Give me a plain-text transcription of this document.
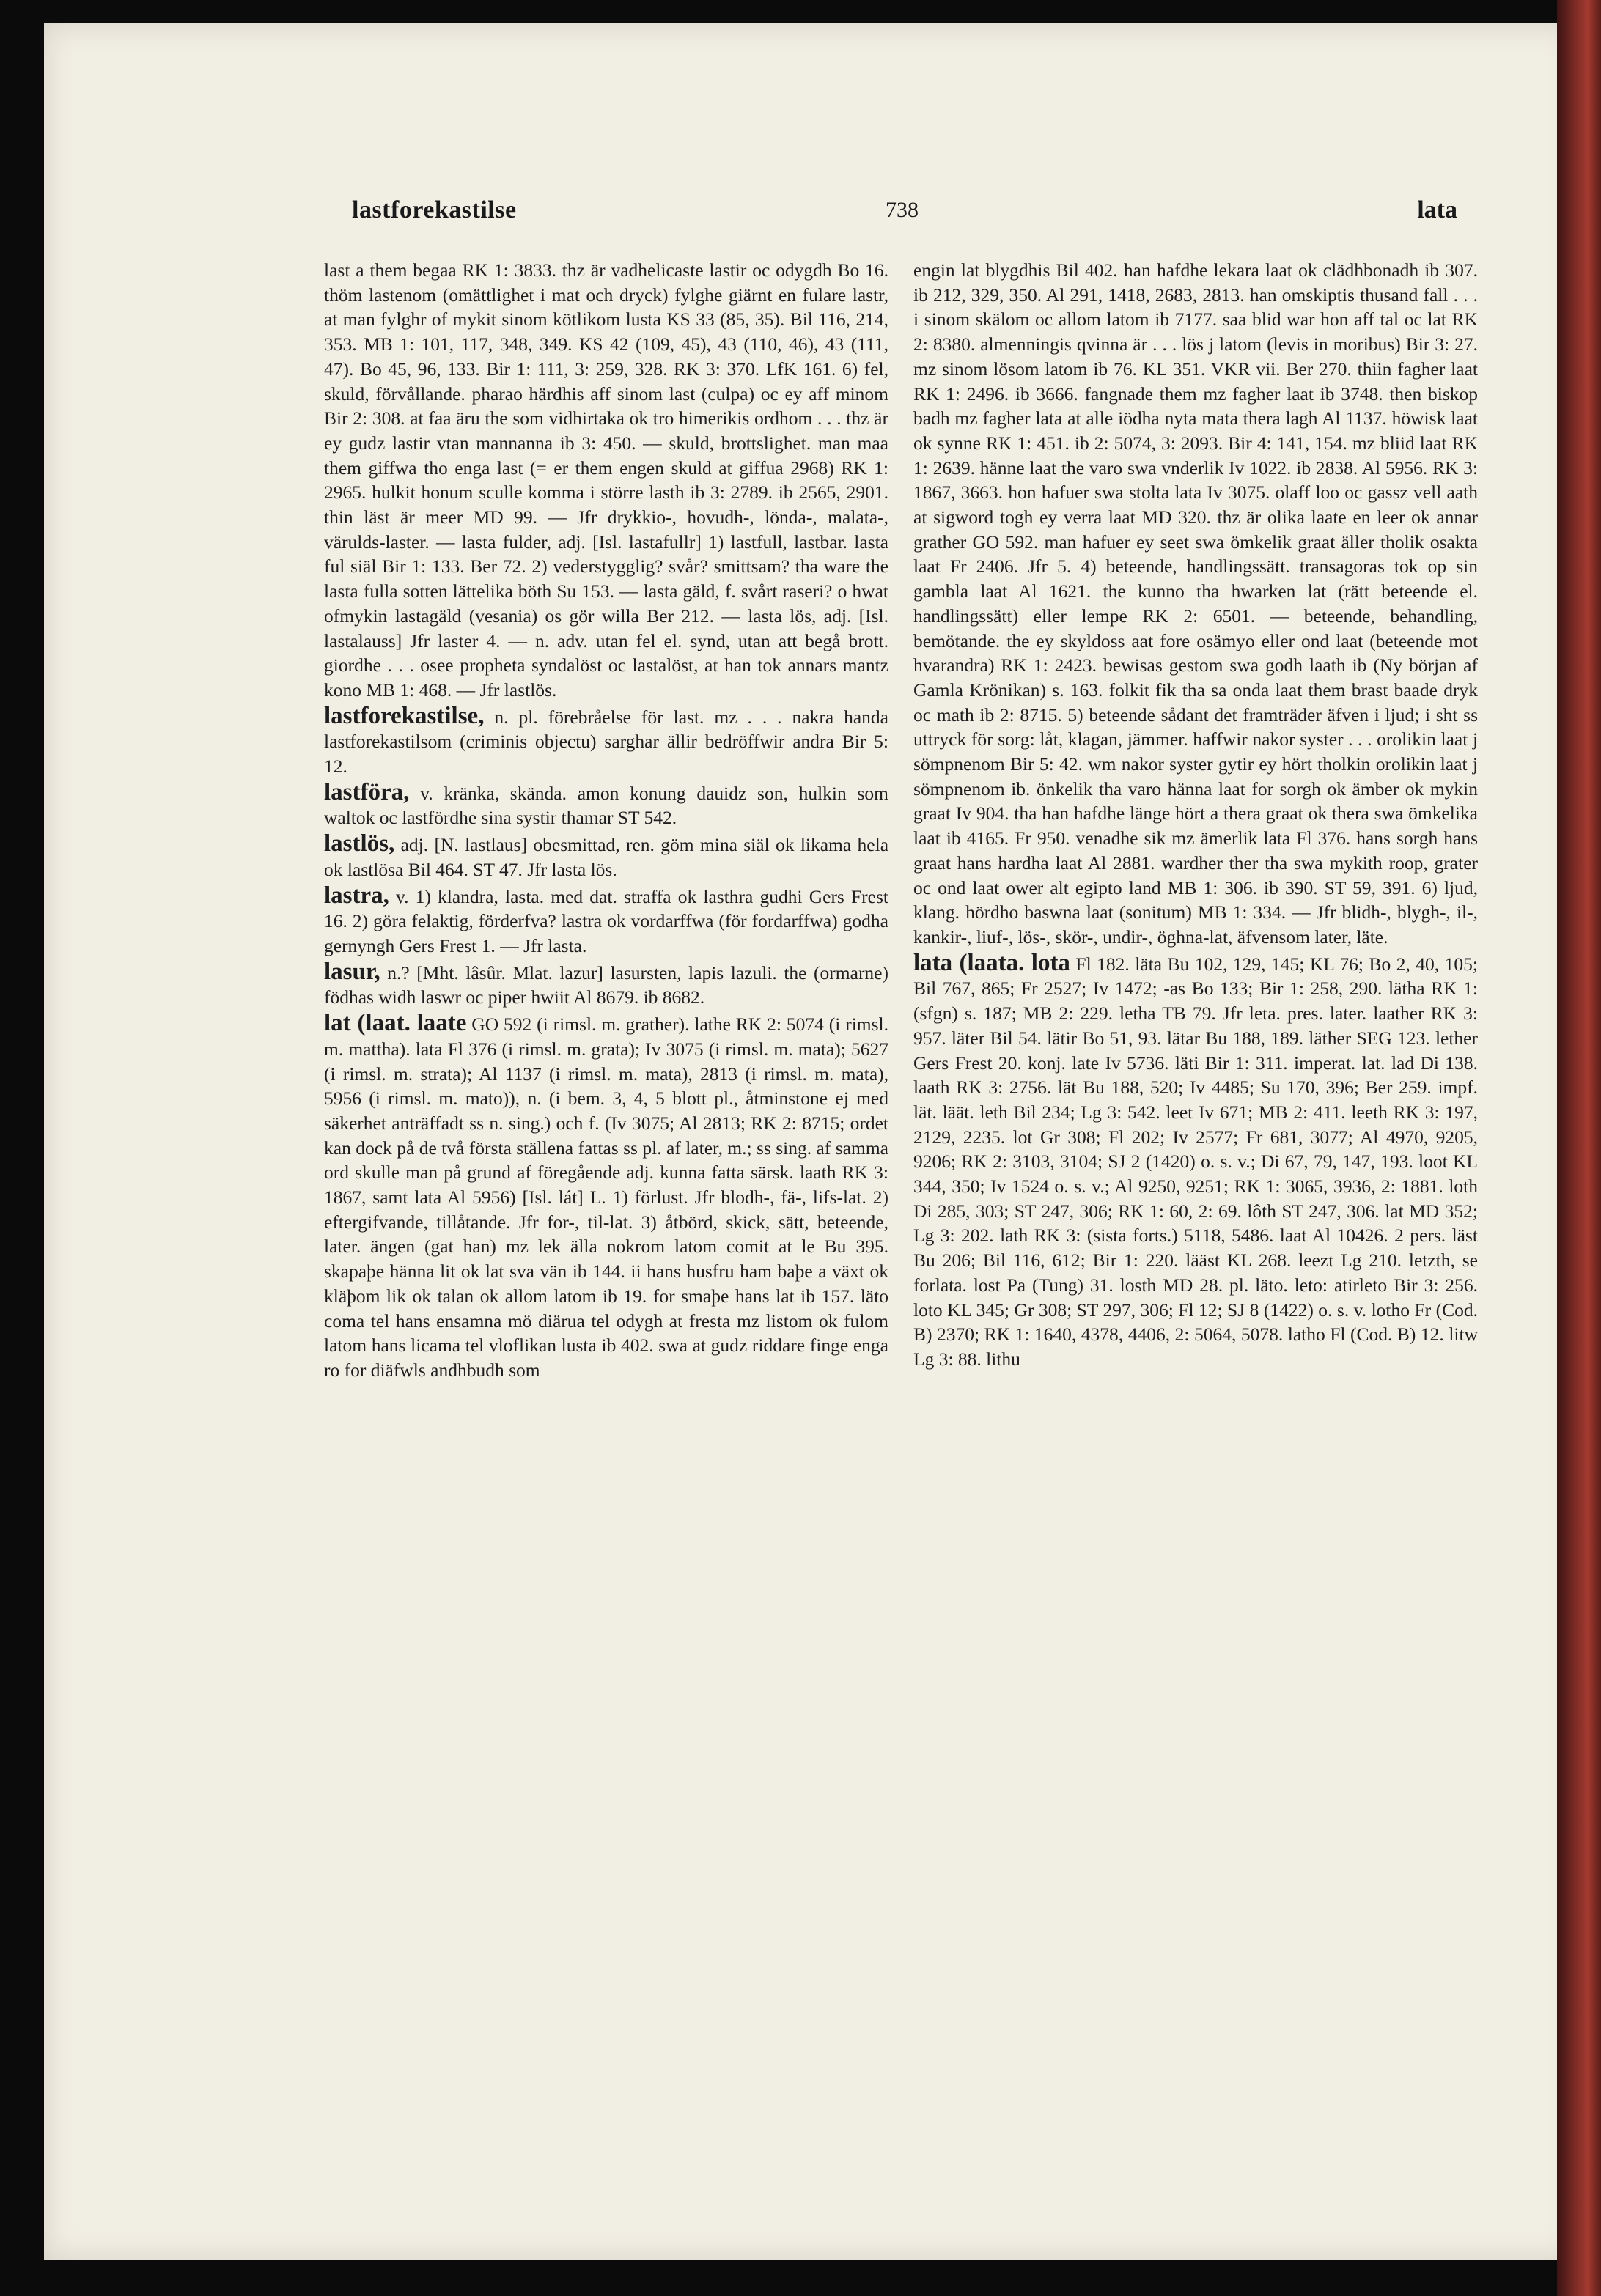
lastforekastilse	738	lata

last a them begaa RK 1: 3833. thz är vadhelicaste lastir oc odygdh Bo 16. thöm lastenom (omättlighet i mat och dryck) fylghe giärnt en fulare lastr, at man fylghr of mykit sinom kötlikom lusta KS 33 (85, 35). Bil 116, 214, 353. MB 1: 101, 117, 348, 349. KS 42 (109, 45), 43 (110, 46), 43 (111, 47). Bo 45, 96, 133. Bir 1: 111, 3: 259, 328. RK 3: 370. LfK 161. 6) fel, skuld, förvållande. pharao härdhis aff sinom last (culpa) oc ey aff minom Bir 2: 308. at faa äru the som vidhirtaka ok tro himerikis ordhom . . . thz är ey gudz lastir vtan mannanna ib 3: 450. — skuld, brottslighet. man maa them giffwa tho enga last (= er them engen skuld at giffua 2968) RK 1: 2965. hulkit honum sculle komma i större lasth ib 3: 2789. ib 2565, 2901. thin läst är meer MD 99. — Jfr drykkio-, hovudh-, lönda-, malata-, värulds-laster. — lasta fulder, adj. [Isl. lastafullr] 1) lastfull, lastbar. lasta ful siäl Bir 1: 133. Ber 72. 2) vederstygglig? svår? smittsam? tha ware the lasta fulla sotten lättelika böth Su 153. — lasta gäld, f. svårt raseri? o hwat ofmykin lastagäld (vesania) os gör willa Ber 212. — lasta lös, adj. [Isl. lastalauss] Jfr laster 4. — n. adv. utan fel el. synd, utan att begå brott. giordhe . . . osee propheta syndalöst oc lastalöst, at han tok annars mantz kono MB 1: 468. — Jfr lastlös.

lastforekastilse, n. pl. förebråelse för last. mz . . . nakra handa lastforekastilsom (criminis objectu) sarghar ällir bedröffwir andra Bir 5: 12.

lastföra, v. kränka, skända. amon konung dauidz son, hulkin som waltok oc lastfördhe sina systir thamar ST 542.

lastlös, adj. [N. lastlaus] obesmittad, ren. göm mina siäl ok likama hela ok lastlösa Bil 464. ST 47. Jfr lasta lös.

lastra, v. 1) klandra, lasta. med dat. straffa ok lasthra gudhi Gers Frest 16. 2) göra felaktig, förderfva? lastra ok vordarffwa (för fordarffwa) godha gernyngh Gers Frest 1. — Jfr lasta.

lasur, n.? [Mht. lâsûr. Mlat. lazur] lasursten, lapis lazuli. the (ormarne) födhas widh laswr oc piper hwiit Al 8679. ib 8682.

lat (laat. laate GO 592 (i rimsl. m. grather). lathe RK 2: 5074 (i rimsl. m. mattha). lata Fl 376 (i rimsl. m. grata); Iv 3075 (i rimsl. m. mata); 5627 (i rimsl. m. strata); Al 1137 (i rimsl. m. mata), 2813 (i rimsl. m. mata), 5956 (i rimsl. m. mato)), n. (i bem. 3, 4, 5 blott pl., åtminstone ej med säkerhet anträffadt ss n. sing.) och f. (Iv 3075; Al 2813; RK 2: 8715; ordet kan dock på de två första ställena fattas ss pl. af later, m.; ss sing. af samma ord skulle man på grund af föregående adj. kunna fatta särsk. laath RK 3: 1867, samt lata Al 5956) [Isl. lát] L. 1) förlust. Jfr blodh-, fä-, lifs-lat. 2) eftergifvande, tillåtande. Jfr for-, til-lat. 3) åtbörd, skick, sätt, beteende, later. ängen (gat han) mz lek älla nokrom latom comit at le Bu 395. skapaþe hänna lit ok lat sva vän ib 144. ii hans husfru ham baþe a växt ok kläþom lik ok talan ok allom latom ib 19. for smaþe hans lat ib 157. läto coma tel hans ensamna mö diärua tel odygh at fresta mz listom ok fulom latom hans licama tel vloflikan lusta ib 402. swa at gudz riddare finge enga ro for diäfwls andhbudh som

engin lat blygdhis Bil 402. han hafdhe lekara laat ok clädhbonadh ib 307. ib 212, 329, 350. Al 291, 1418, 2683, 2813. han omskiptis thusand fall . . . i sinom skälom oc allom latom ib 7177. saa blid war hon aff tal oc lat RK 2: 8380. almenningis qvinna är . . . lös j latom (levis in moribus) Bir 3: 27. mz sinom lösom latom ib 76. KL 351. VKR vii. Ber 270. thiin fagher laat RK 1: 2496. ib 3666. fangnade them mz fagher laat ib 3748. then biskop badh mz fagher lata at alle iödha nyta mata thera lagh Al 1137. höwisk laat ok synne RK 1: 451. ib 2: 5074, 3: 2093. Bir 4: 141, 154. mz bliid laat RK 1: 2639. hänne laat the varo swa vnderlik Iv 1022. ib 2838. Al 5956. RK 3: 1867, 3663. hon hafuer swa stolta lata Iv 3075. olaff loo oc gassz vell aath at sigword togh ey verra laat MD 320. thz är olika laate en leer ok annar grather GO 592. man hafuer ey seet swa ömkelik graat äller tholik osakta laat Fr 2406. Jfr 5. 4) beteende, handlingssätt. transagoras tok op sin gambla laat Al 1621. the kunno tha hwarken lat (rätt beteende el. handlingssätt) eller lempe RK 2: 6501. — beteende, behandling, bemötande. the ey skyldoss aat fore osämyo eller ond laat (beteende mot hvarandra) RK 1: 2423. bewisas gestom swa godh laath ib (Ny början af Gamla Krönikan) s. 163. folkit fik tha sa onda laat them brast baade dryk oc math ib 2: 8715. 5) beteende sådant det framträder äfven i ljud; i sht ss uttryck för sorg: låt, klagan, jämmer. haffwir nakor syster . . . orolikin laat j sömpnenom Bir 5: 42. wm nakor syster gytir ey hört tholkin orolikin laat j sömpnenom ib. önkelik tha varo hänna laat for sorgh ok ämber ok mykin graat Iv 904. tha han hafdhe länge hört a thera graat ok thera swa ömkelika laat ib 4165. Fr 950. venadhe sik mz ämerlik lata Fl 376. hans sorgh hans graat hans hardha laat Al 2881. wardher ther tha swa mykith roop, grater oc ond laat ower alt egipto land MB 1: 306. ib 390. ST 59, 391. 6) ljud, klang. hördho baswna laat (sonitum) MB 1: 334. — Jfr blidh-, blygh-, il-, kankir-, liuf-, lös-, skör-, undir-, öghna-lat, äfvensom later, läte.

lata (laata. lota Fl 182. läta Bu 102, 129, 145; KL 76; Bo 2, 40, 105; Bil 767, 865; Fr 2527; Iv 1472; -as Bo 133; Bir 1: 258, 290. lätha RK 1: (sfgn) s. 187; MB 2: 229. letha TB 79. Jfr leta. pres. later. laather RK 3: 957. läter Bil 54. lätir Bo 51, 93. lätar Bu 188, 189. läther SEG 123. lether Gers Frest 20. konj. late Iv 5736. läti Bir 1: 311. imperat. lat. lad Di 138. laath RK 3: 2756. lät Bu 188, 520; Iv 4485; Su 170, 396; Ber 259. impf. lät. läät. leth Bil 234; Lg 3: 542. leet Iv 671; MB 2: 411. leeth RK 3: 197, 2129, 2235. lot Gr 308; Fl 202; Iv 2577; Fr 681, 3077; Al 4970, 9205, 9206; RK 2: 3103, 3104; SJ 2 (1420) o. s. v.; Di 67, 79, 147, 193. loot KL 344, 350; Iv 1524 o. s. v.; Al 9250, 9251; RK 1: 3065, 3936, 2: 1881. loth Di 285, 303; ST 247, 306; RK 1: 60, 2: 69. lôth ST 247, 306. lat MD 352; Lg 3: 202. lath RK 3: (sista forts.) 5118, 5486. laat Al 10426. 2 pers. läst Bu 206; Bil 116, 612; Bir 1: 220. lääst KL 268. leezt Lg 210. letzth, se forlata. lost Pa (Tung) 31. losth MD 28. pl. läto. leto: atirleto Bir 3: 256. loto KL 345; Gr 308; ST 297, 306; Fl 12; SJ 8 (1422) o. s. v. lotho Fr (Cod. B) 2370; RK 1: 1640, 4378, 4406, 2: 5064, 5078. latho Fl (Cod. B) 12. litw Lg 3: 88. lithu
